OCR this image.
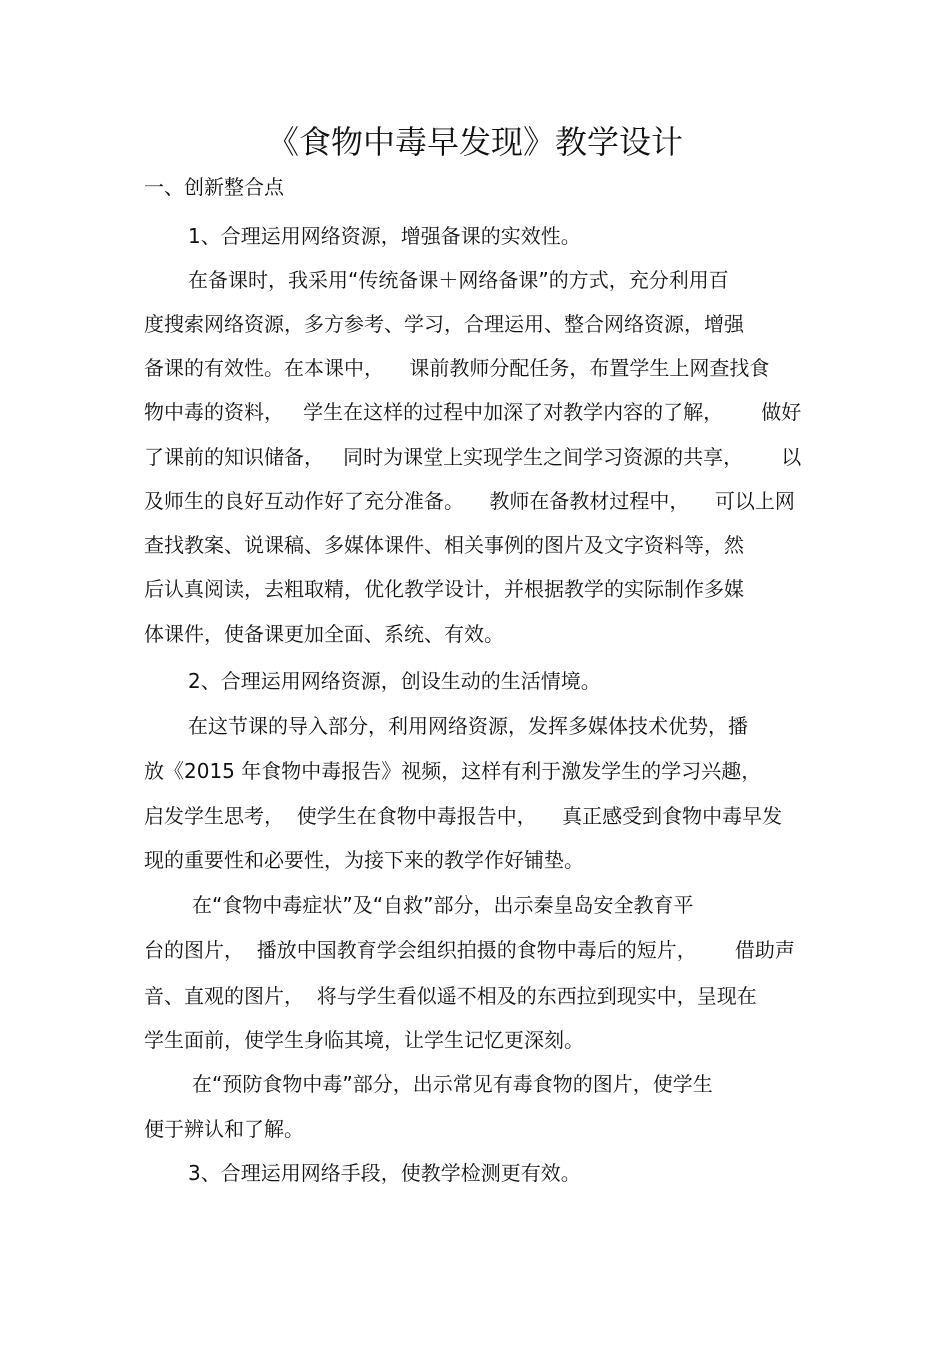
《食物中毒早发现》教学设计
一、创新整合点
1、合理运用网络资源，增强备课的实效性。
在备课时，我采用“传统备课＋网络备课”的方式，充分利用百
度搜索网络资源，多方参考、学习，合理运用、整合网络资源，增强
备课的有效性。在本课中，    课前教师分配任务，布置学生上网查找食
物中毒的资料，   学生在这样的过程中加深了对教学内容的了解，      做好
了课前的知识储备，   同时为课堂上实现学生之间学习资源的共享，      以
及师生的良好互动作好了充分准备。    教师在备教材过程中，    可以上网
查找教案、说课稿、多媒体课件、相关事例的图片及文字资料等，然
后认真阅读，去粗取精，优化教学设计，并根据教学的实际制作多媒
体课件，使备课更加全面、系统、有效。
2、合理运用网络资源，创设生动的生活情境。
在这节课的导入部分，利用网络资源，发挥多媒体技术优势，播
放《2015 年食物中毒报告》视频，这样有利于激发学生的学习兴趣，
启发学生思考，  使学生在食物中毒报告中，    真正感受到食物中毒早发
现的重要性和必要性，为接下来的教学作好铺垫。
在“食物中毒症状”及“自救”部分，出示秦皇岛安全教育平
台的图片，  播放中国教育学会组织拍摄的食物中毒后的短片，      借助声
音、直观的图片，  将与学生看似遥不相及的东西拉到现实中，呈现在
学生面前，使学生身临其境，让学生记忆更深刻。
在“预防食物中毒”部分，出示常见有毒食物的图片，使学生
便于辨认和了解。
3、合理运用网络手段，使教学检测更有效。
